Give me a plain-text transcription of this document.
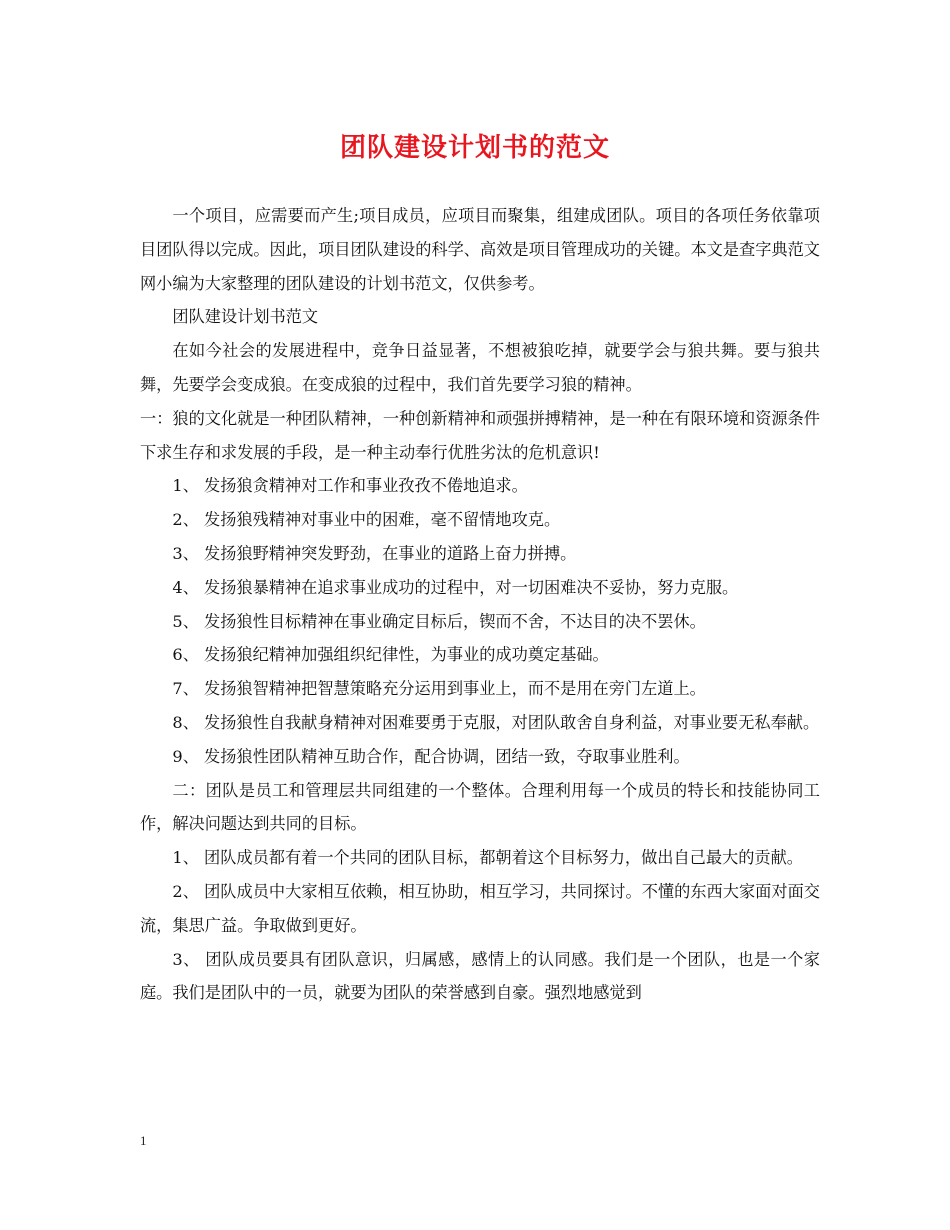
团队建设计划书的范文

一个项目，应需要而产生;项目成员，应项目而聚集，组建成团队。项目的各项任务依靠项目团队得以完成。因此，项目团队建设的科学、高效是项目管理成功的关键。本文是查字典范文网小编为大家整理的团队建设的计划书范文，仅供参考。

团队建设计划书范文

在如今社会的发展进程中，竞争日益显著，不想被狼吃掉，就要学会与狼共舞。要与狼共舞，先要学会变成狼。在变成狼的过程中，我们首先要学习狼的精神。

一：狼的文化就是一种团队精神，一种创新精神和顽强拼搏精神，是一种在有限环境和资源条件下求生存和求发展的手段，是一种主动奉行优胜劣汰的危机意识!

1、 发扬狼贪精神对工作和事业孜孜不倦地追求。

2、 发扬狼残精神对事业中的困难，毫不留情地攻克。

3、 发扬狼野精神突发野劲，在事业的道路上奋力拼搏。

4、 发扬狼暴精神在追求事业成功的过程中，对一切困难决不妥协，努力克服。

5、 发扬狼性目标精神在事业确定目标后，锲而不舍，不达目的决不罢休。

6、 发扬狼纪精神加强组织纪律性，为事业的成功奠定基础。

7、 发扬狼智精神把智慧策略充分运用到事业上，而不是用在旁门左道上。

8、 发扬狼性自我献身精神对困难要勇于克服，对团队敢舍自身利益，对事业要无私奉献。

9、 发扬狼性团队精神互助合作，配合协调，团结一致，夺取事业胜利。

二：团队是员工和管理层共同组建的一个整体。合理利用每一个成员的特长和技能协同工作，解决问题达到共同的目标。

1、 团队成员都有着一个共同的团队目标，都朝着这个目标努力，做出自己最大的贡献。

2、 团队成员中大家相互依赖，相互协助，相互学习，共同探讨。不懂的东西大家面对面交流，集思广益。争取做到更好。

3、 团队成员要具有团队意识，归属感，感情上的认同感。我们是一个团队，也是一个家庭。我们是团队中的一员，就要为团队的荣誉感到自豪。强烈地感觉到

1
